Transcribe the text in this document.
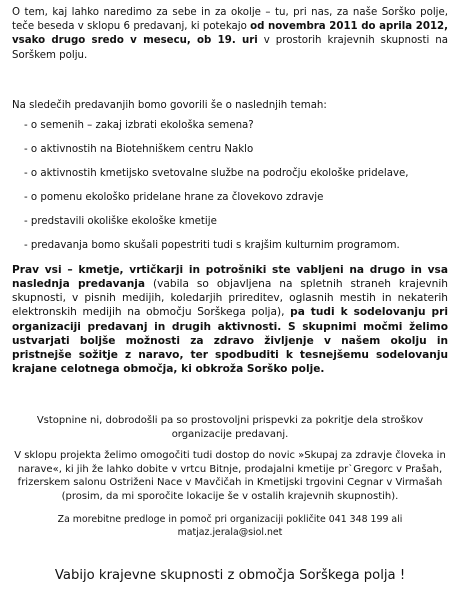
O tem, kaj lahko naredimo za sebe in za okolje – tu, pri nas, za naše Sorško polje, teče beseda v sklopu 6 predavanj, ki potekajo od novembra 2011 do aprila 2012, vsako drugo sredo v mesecu, ob 19. uri v prostorih krajevnih skupnosti na Sorškem polju.

Na sledečih predavanjih bomo govorili še o naslednjih temah:

- o semenih – zakaj izbrati ekološka semena?
- o aktivnostih na Biotehniškem centru Naklo
- o aktivnostih kmetijsko svetovalne službe na področju ekološke pridelave,
- o pomenu ekološko pridelane hrane za človekovo zdravje
- predstavili okoliške ekološke kmetije
- predavanja bomo skušali popestriti tudi s krajšim kulturnim programom.

Prav vsi – kmetje, vrtičkarji in potrošniki ste vabljeni na drugo in vsa naslednja predavanja (vabila so objavljena na spletnih straneh krajevnih skupnosti, v pisnih medijih, koledarjih prireditev, oglasnih mestih in nekaterih elektronskih medijih na območju Sorškega polja), pa tudi k sodelovanju pri organizaciji predavanj in drugih aktivnosti. S skupnimi močmi želimo ustvarjati boljše možnosti za zdravo življenje v našem okolju in pristnejše sožitje z naravo, ter spodbuditi k tesnejšemu sodelovanju krajane celotnega območja, ki obkroža Sorško polje.

Vstopnine ni, dobrodošli pa so prostovoljni prispevki za pokritje dela stroškov organizacije predavanj.

V sklopu projekta želimo omogočiti tudi dostop do novic »Skupaj za zdravje človeka in narave«, ki jih že lahko dobite v vrtcu Bitnje, prodajalni kmetije pr`Gregorc v Prašah, frizerskem salonu Ostriženi Nace v Mavčičah in Kmetijski trgovini Cegnar v Virmašah (prosim, da mi sporočite lokacije še v ostalih krajevnih skupnostih).

Za morebitne predloge in pomoč pri organizaciji pokličite 041 348 199 ali matjaz.jerala@siol.net

Vabijo krajevne skupnosti z območja Sorškega polja !
